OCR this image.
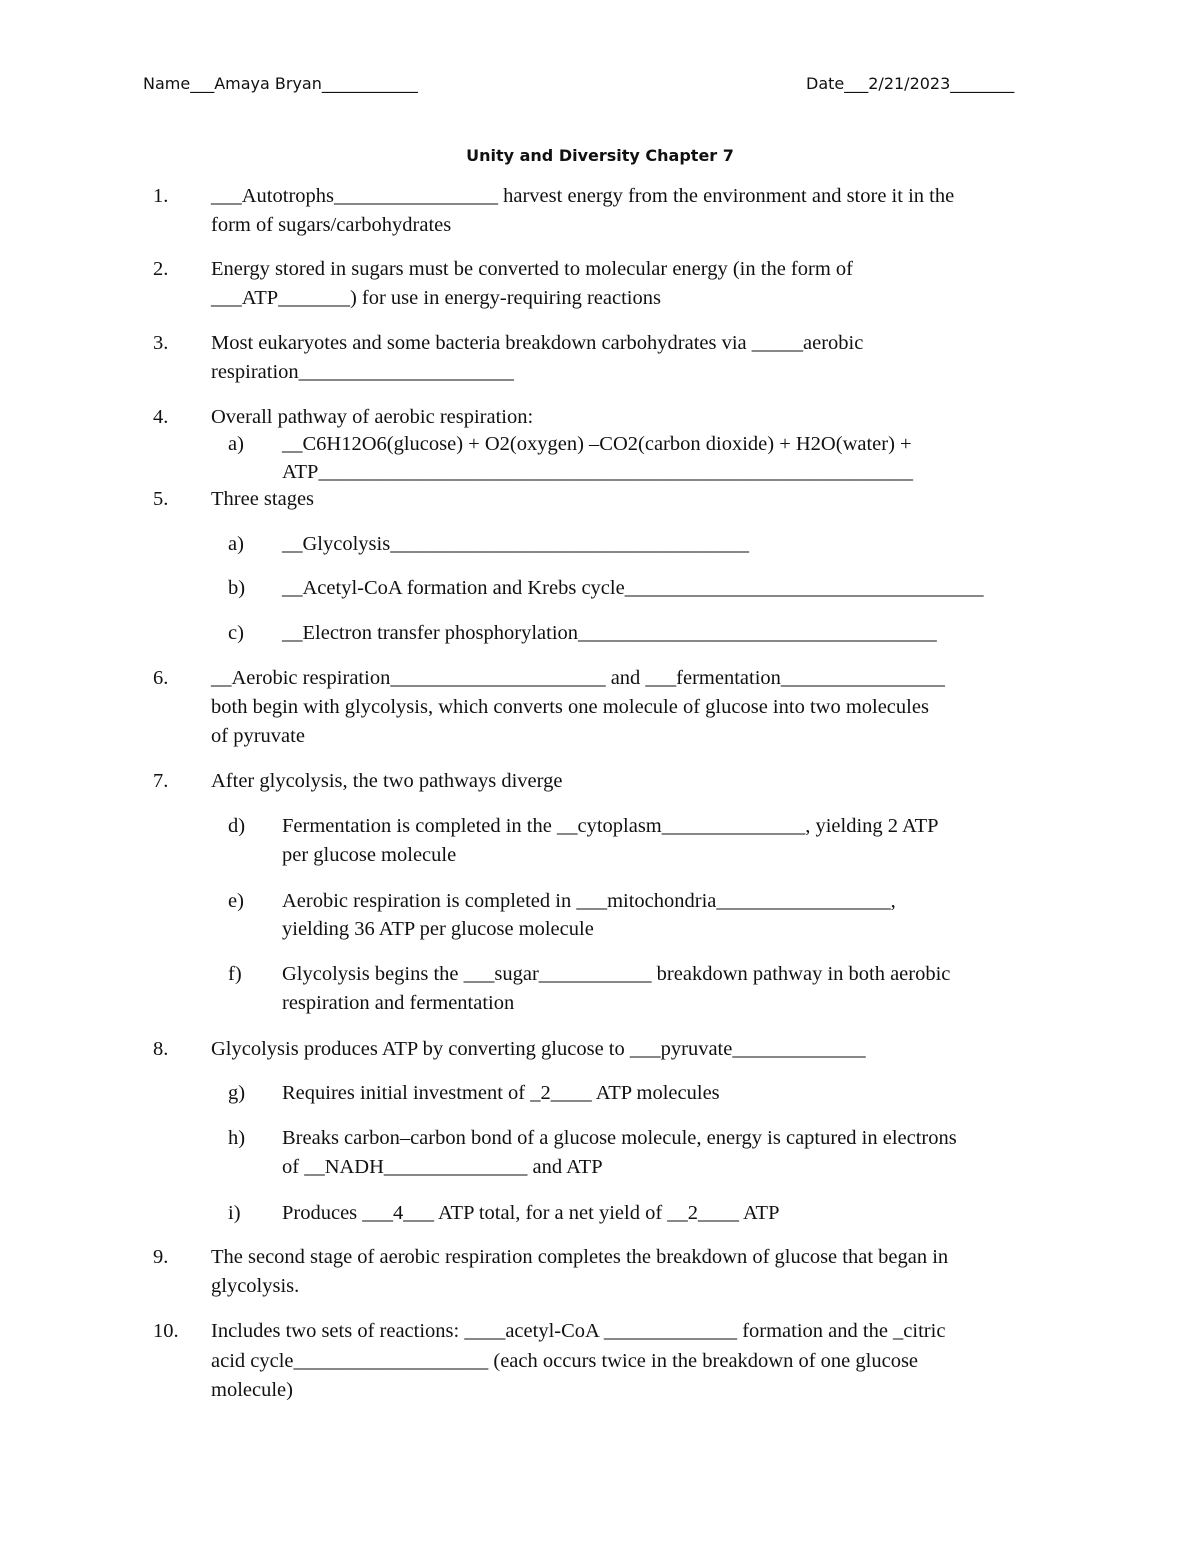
Name___Amaya Bryan____________	Date___2/21/2023________
Unity and Diversity Chapter 7
1. ___Autotrophs________________ harvest energy from the environment and store it in the
form of sugars/carbohydrates
2. Energy stored in sugars must be converted to molecular energy (in the form of
___ATP_______) for use in energy-requiring reactions
3. Most eukaryotes and some bacteria breakdown carbohydrates via _____aerobic
respiration_____________________
4. Overall pathway of aerobic respiration:
a) __C6H12O6(glucose) + O2(oxygen) –CO2(carbon dioxide) + H2O(water) +
ATP__________________________________________________________
5. Three stages
a) __Glycolysis___________________________________
b) __Acetyl-CoA formation and Krebs cycle___________________________________
c) __Electron transfer phosphorylation___________________________________
6. __Aerobic respiration_____________________ and ___fermentation________________
both begin with glycolysis, which converts one molecule of glucose into two molecules
of pyruvate
7. After glycolysis, the two pathways diverge
d) Fermentation is completed in the __cytoplasm______________, yielding 2 ATP
per glucose molecule
e) Aerobic respiration is completed in ___mitochondria_________________,
yielding 36 ATP per glucose molecule
f) Glycolysis begins the ___sugar___________ breakdown pathway in both aerobic
respiration and fermentation
8. Glycolysis produces ATP by converting glucose to ___pyruvate_____________
g) Requires initial investment of _2____ ATP molecules
h) Breaks carbon–carbon bond of a glucose molecule, energy is captured in electrons
of __NADH______________ and ATP
i) Produces ___4___ ATP total, for a net yield of __2____ ATP
9. The second stage of aerobic respiration completes the breakdown of glucose that began in
glycolysis.
10. Includes two sets of reactions: ____acetyl-CoA _____________ formation and the _citric
acid cycle___________________ (each occurs twice in the breakdown of one glucose
molecule)
